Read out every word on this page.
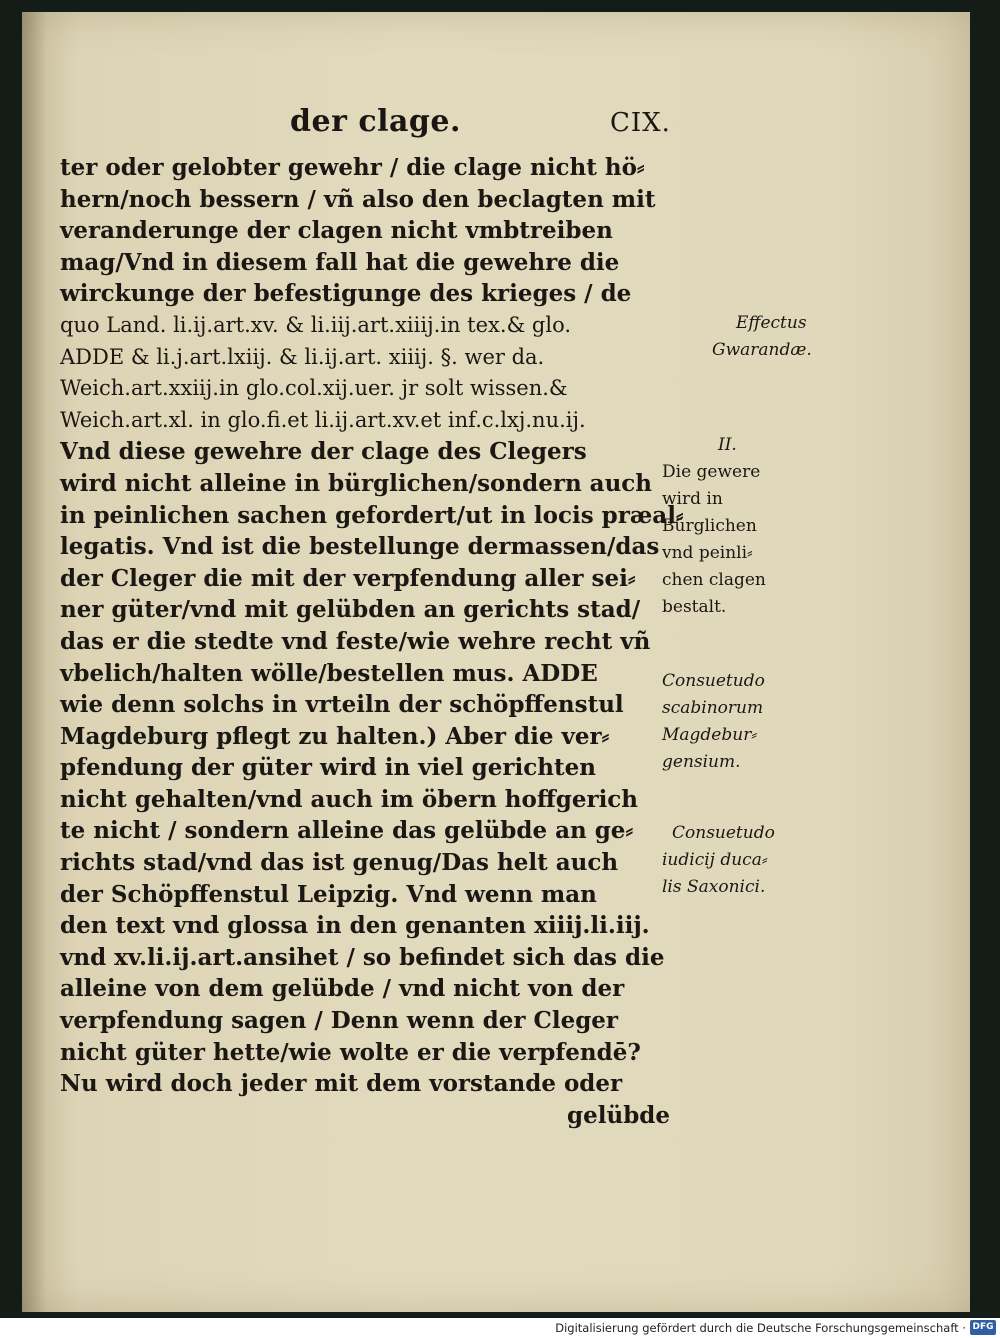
der clage.	CIX.
ter oder gelobter gewehr / die clage nicht hö⸗
hern/noch bessern / vñ also den beclagten mit
veranderunge der clagen nicht vmbtreiben
mag/Vnd in diesem fall hat die gewehre die
wirckunge der befestigunge des krieges / de
quo Land. li.ij.art.xv. & li.iij.art.xiiij.in tex.& glo.
ADDE & li.j.art.lxiij. & li.ij.art. xiiij. §. wer da.
Weich.art.xxiij.in glo.col.xij.uer. jr solt wissen.&
Weich.art.xl. in glo.fi.et li.ij.art.xv.et inf.c.lxj.nu.ij.
Vnd diese gewehre der clage des Clegers
wird nicht alleine in bürglichen/sondern auch
in peinlichen sachen gefordert/ut in locis præal⸗
legatis. Vnd ist die bestellunge dermassen/das
der Cleger die mit der verpfendung aller sei⸗
ner güter/vnd mit gelübden an gerichts stad/
das er die stedte vnd feste/wie wehre recht vñ
vbelich/halten wölle/bestellen mus. ADDE
wie denn solchs in vrteiln der schöpffenstul
Magdeburg pflegt zu halten.) Aber die ver⸗
pfendung der güter wird in viel gerichten
nicht gehalten/vnd auch im öbern hoffgerich
te nicht / sondern alleine das gelübde an ge⸗
richts stad/vnd das ist genug/Das helt auch
der Schöpffenstul Leipzig. Vnd wenn man
den text vnd glossa in den genanten xiiij.li.iij.
vnd xv.li.ij.art.ansihet / so befindet sich das die
alleine von dem gelübde / vnd nicht von der
verpfendung sagen / Denn wenn der Cleger
nicht güter hette/wie wolte er die verpfendē?
Nu wird doch jeder mit dem vorstande oder
gelübde
Effectus
Gwarandæ.
II.
Die gewere
wird in
Bürglichen
vnd peinli⸗
chen clagen
bestalt.
Consuetudo
scabinorum
Magdebur⸗
gensium.
Consuetudo
iudicij duca⸗
lis Saxonici.
Digitalisierung gefördert durch die Deutsche Forschungsgemeinschaft · DFG
